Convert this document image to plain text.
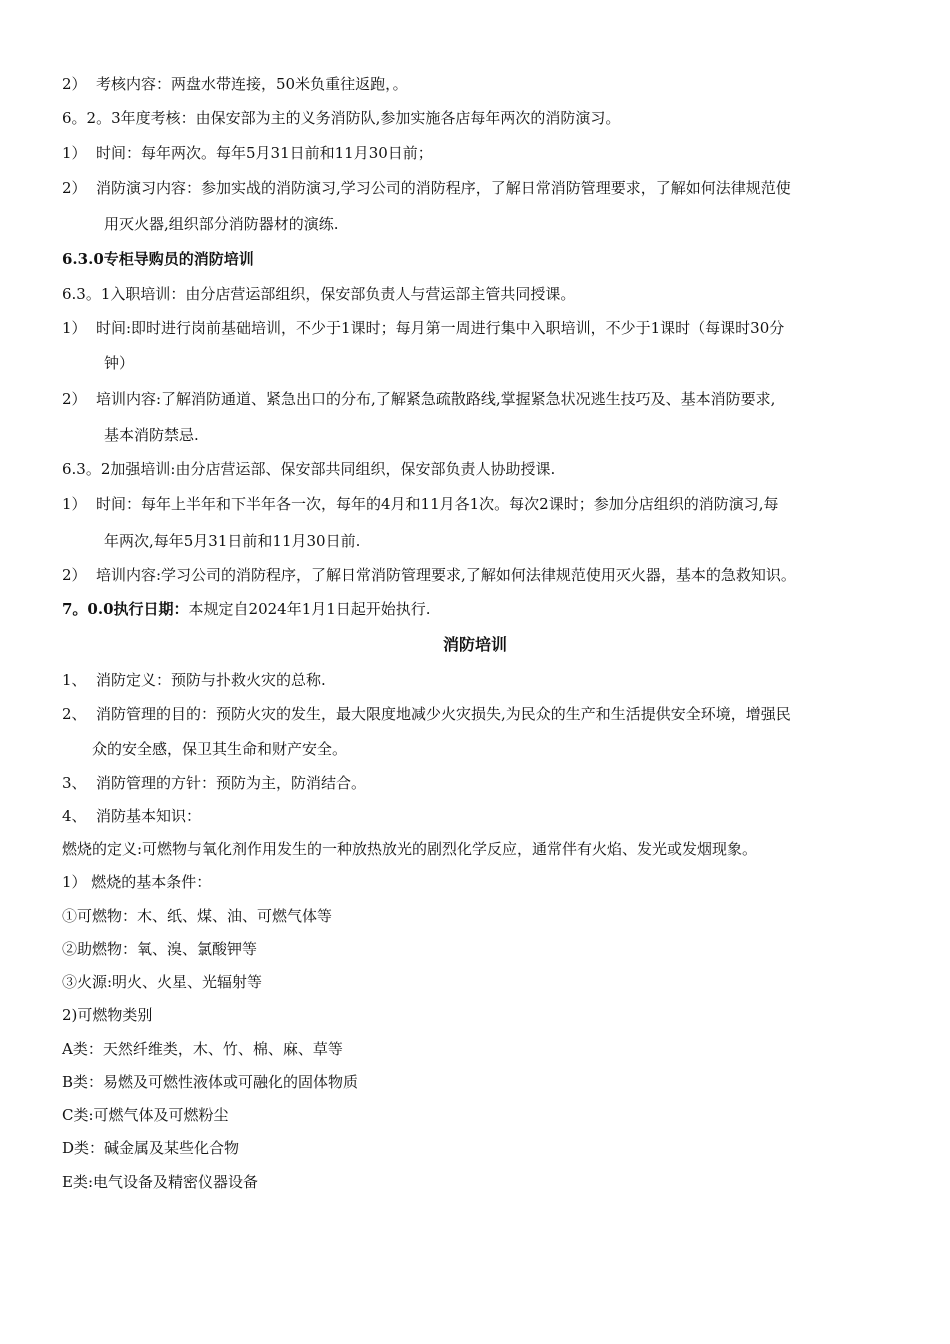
2） 考核内容：两盘水带连接，50米负重往返跑，。
6。2。3年度考核：由保安部为主的义务消防队,参加实施各店每年两次的消防演习。
1） 时间：每年两次。每年5月31日前和11月30日前；
2） 消防演习内容：参加实战的消防演习,学习公司的消防程序，了解日常消防管理要求，了解如何法律规范使
用灭火器,组织部分消防器材的演练.
6.3.0专柜导购员的消防培训
6.3。1入职培训：由分店营运部组织，保安部负责人与营运部主管共同授课。
1） 时间:即时进行岗前基础培训，不少于1课时；每月第一周进行集中入职培训，不少于1课时（每课时30分
钟）
2） 培训内容:了解消防通道、紧急出口的分布,了解紧急疏散路线,掌握紧急状况逃生技巧及、基本消防要求,
基本消防禁忌.
6.3。2加强培训:由分店营运部、保安部共同组织，保安部负责人协助授课.
1） 时间：每年上半年和下半年各一次，每年的4月和11月各1次。每次2课时；参加分店组织的消防演习,每
年两次,每年5月31日前和11月30日前.
2） 培训内容:学习公司的消防程序，了解日常消防管理要求,了解如何法律规范使用灭火器，基本的急救知识。
7。0.0执行日期：本规定自2024年1月1日起开始执行.
消防培训
1、 消防定义：预防与扑救火灾的总称.
2、 消防管理的目的：预防火灾的发生，最大限度地减少火灾损失,为民众的生产和生活提供安全环境，增强民
众的安全感，保卫其生命和财产安全。
3、 消防管理的方针：预防为主，防消结合。
4、 消防基本知识：
燃烧的定义:可燃物与氧化剂作用发生的一种放热放光的剧烈化学反应，通常伴有火焰、发光或发烟现象。
1） 燃烧的基本条件：
①可燃物：木、纸、煤、油、可燃气体等
②助燃物：氧、溴、氯酸钾等
③火源:明火、火星、光辐射等
2)可燃物类别
A类：天然纤维类，木、竹、棉、麻、草等
B类：易燃及可燃性液体或可融化的固体物质
C类:可燃气体及可燃粉尘
D类：碱金属及某些化合物
E类:电气设备及精密仪器设备
